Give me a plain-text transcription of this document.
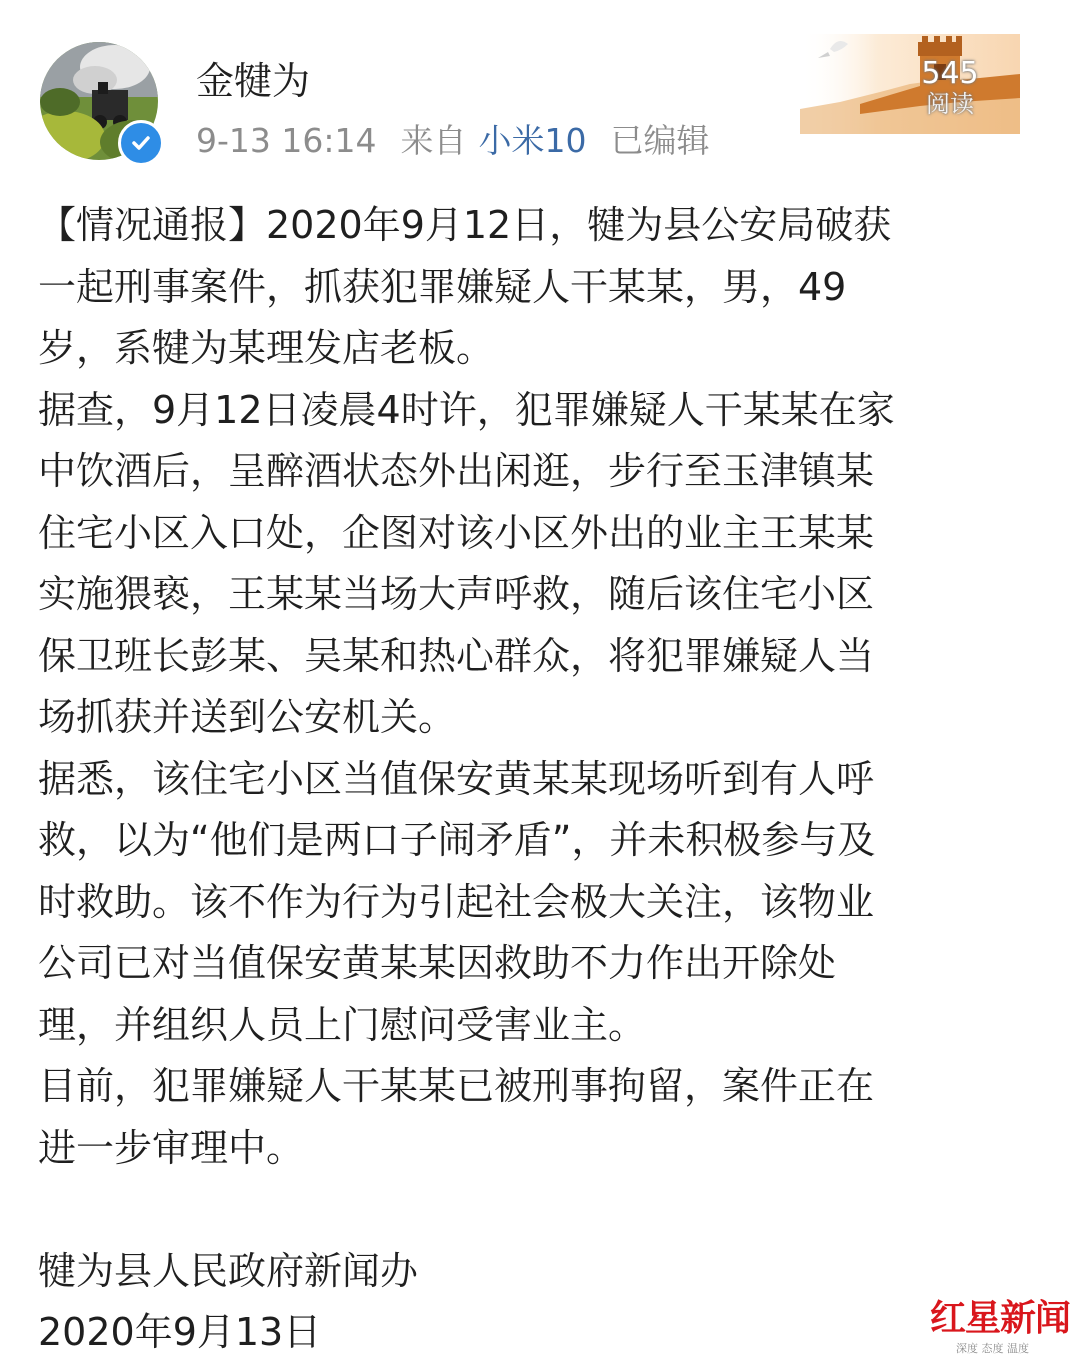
金犍为
9-13 16:14 来自 小米10 已编辑
545
阅读

【情况通报】2020年9月12日，犍为县公安局破获

一起刑事案件，抓获犯罪嫌疑人干某某，男，49

岁，系犍为某理发店老板。

据查，9月12日凌晨4时许，犯罪嫌疑人干某某在家

中饮酒后，呈醉酒状态外出闲逛，步行至玉津镇某

住宅小区入口处，企图对该小区外出的业主王某某

实施猥亵，王某某当场大声呼救，随后该住宅小区

保卫班长彭某、吴某和热心群众，将犯罪嫌疑人当

场抓获并送到公安机关。

据悉，该住宅小区当值保安黄某某现场听到有人呼

救，以为“他们是两口子闹矛盾”，并未积极参与及

时救助。该不作为行为引起社会极大关注，该物业

公司已对当值保安黄某某因救助不力作出开除处

理，并组织人员上门慰问受害业主。

目前，犯罪嫌疑人干某某已被刑事拘留，案件正在

进一步审理中。

犍为县人民政府新闻办

2020年9月13日	红星新闻
深度 态度 温度
